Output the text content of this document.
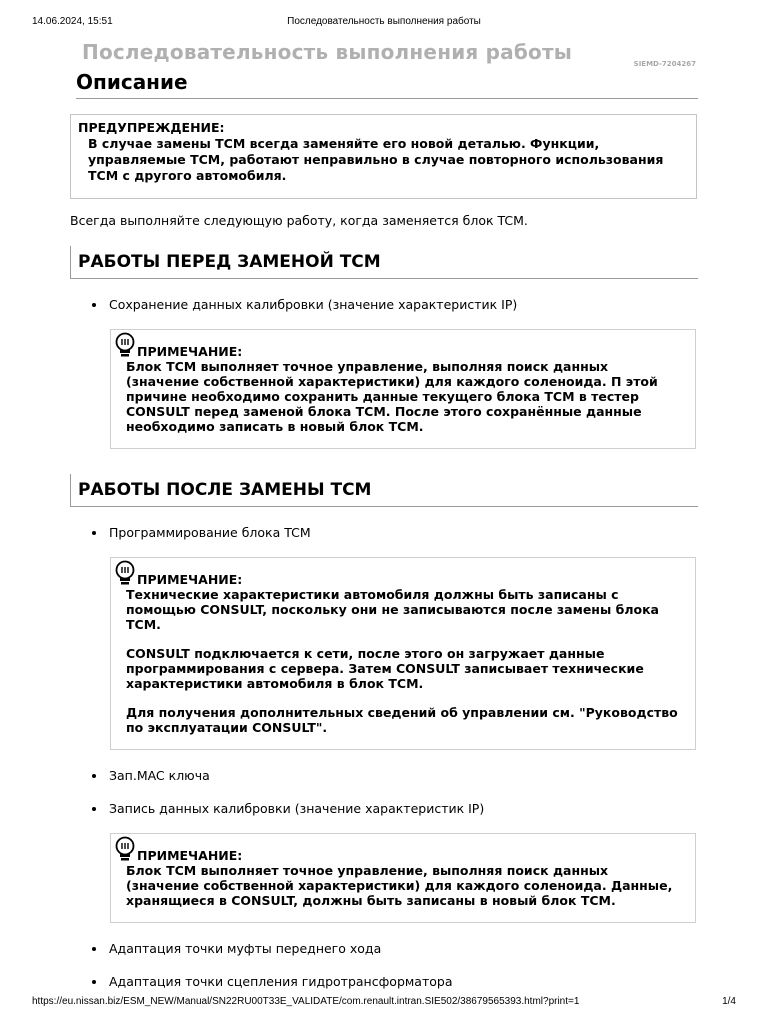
14.06.2024, 15:51	Последовательность выполнения работы
Последовательность выполнения работы	SIEMD-7204267
Описание
ПРЕДУПРЕЖДЕНИЕ:
В случае замены TCM всегда заменяйте его новой деталью. Функции, управляемые TCM, работают неправильно в случае повторного использования TCM с другого автомобиля.
Всегда выполняйте следующую работу, когда заменяется блок TCM.
РАБОТЫ ПЕРЕД ЗАМЕНОЙ TCM
Сохранение данных калибровки (значение характеристик IP)
ПРИМЕЧАНИЕ:

Блок TCM выполняет точное управление, выполняя поиск данных (значение собственной характеристики) для каждого соленоида. П этой причине необходимо сохранить данные текущего блока TCM в тестер CONSULT перед заменой блока TCM. После этого сохранённые данные необходимо записать в новый блок TCM.

РАБОТЫ ПОСЛЕ ЗАМЕНЫ TCM
Программирование блока TCM
ПРИМЕЧАНИЕ:

Технические характеристики автомобиля должны быть записаны с помощью CONSULT, поскольку они не записываются после замены блока TCM.

CONSULT подключается к сети, после этого он загружает данные программирования с сервера. Затем CONSULT записывает технические характеристики автомобиля в блок TCM.

Для получения дополнительных сведений об управлении см. "Руководство по эксплуатации CONSULT".

Зап.MAC ключа
Запись данных калибровки (значение характеристик IP)
ПРИМЕЧАНИЕ:

Блок TCM выполняет точное управление, выполняя поиск данных (значение собственной характеристики) для каждого соленоида. Данные, хранящиеся в CONSULT, должны быть записаны в новый блок TCM.

Адаптация точки муфты переднего хода
Адаптация точки сцепления гидротрансформатора
https://eu.nissan.biz/ESM_NEW/Manual/SN22RU00T33E_VALIDATE/com.renault.intran.SIE502/38679565393.html?print=1	1/4
